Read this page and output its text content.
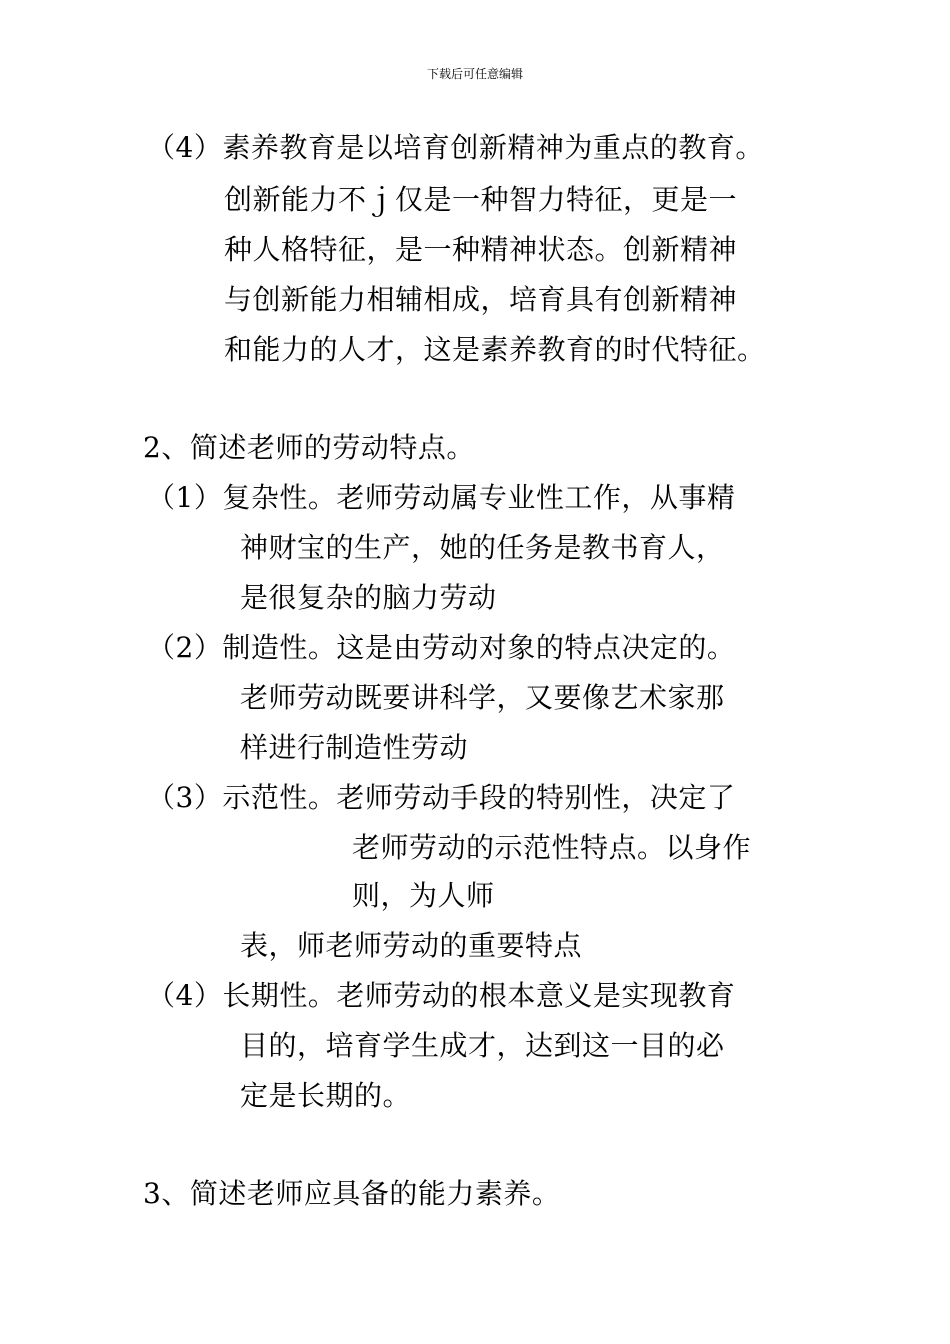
下载后可任意编辑
（4）素养教育是以培育创新精神为重点的教育。
创新能力不ｊ仅是一种智力特征，更是一
种人格特征，是一种精神状态。创新精神
与创新能力相辅相成，培育具有创新精神
和能力的人才，这是素养教育的时代特征。
2、简述老师的劳动特点。
（1）复杂性。老师劳动属专业性工作，从事精
神财宝的生产，她的任务是教书育人，
是很复杂的脑力劳动
（2）制造性。这是由劳动对象的特点决定的。
老师劳动既要讲科学，又要像艺术家那
样进行制造性劳动
（3）示范性。老师劳动手段的特别性，决定了
老师劳动的示范性特点。以身作
则，为人师
表，师老师劳动的重要特点
（4）长期性。老师劳动的根本意义是实现教育
目的，培育学生成才，达到这一目的必
定是长期的。
3、简述老师应具备的能力素养。
